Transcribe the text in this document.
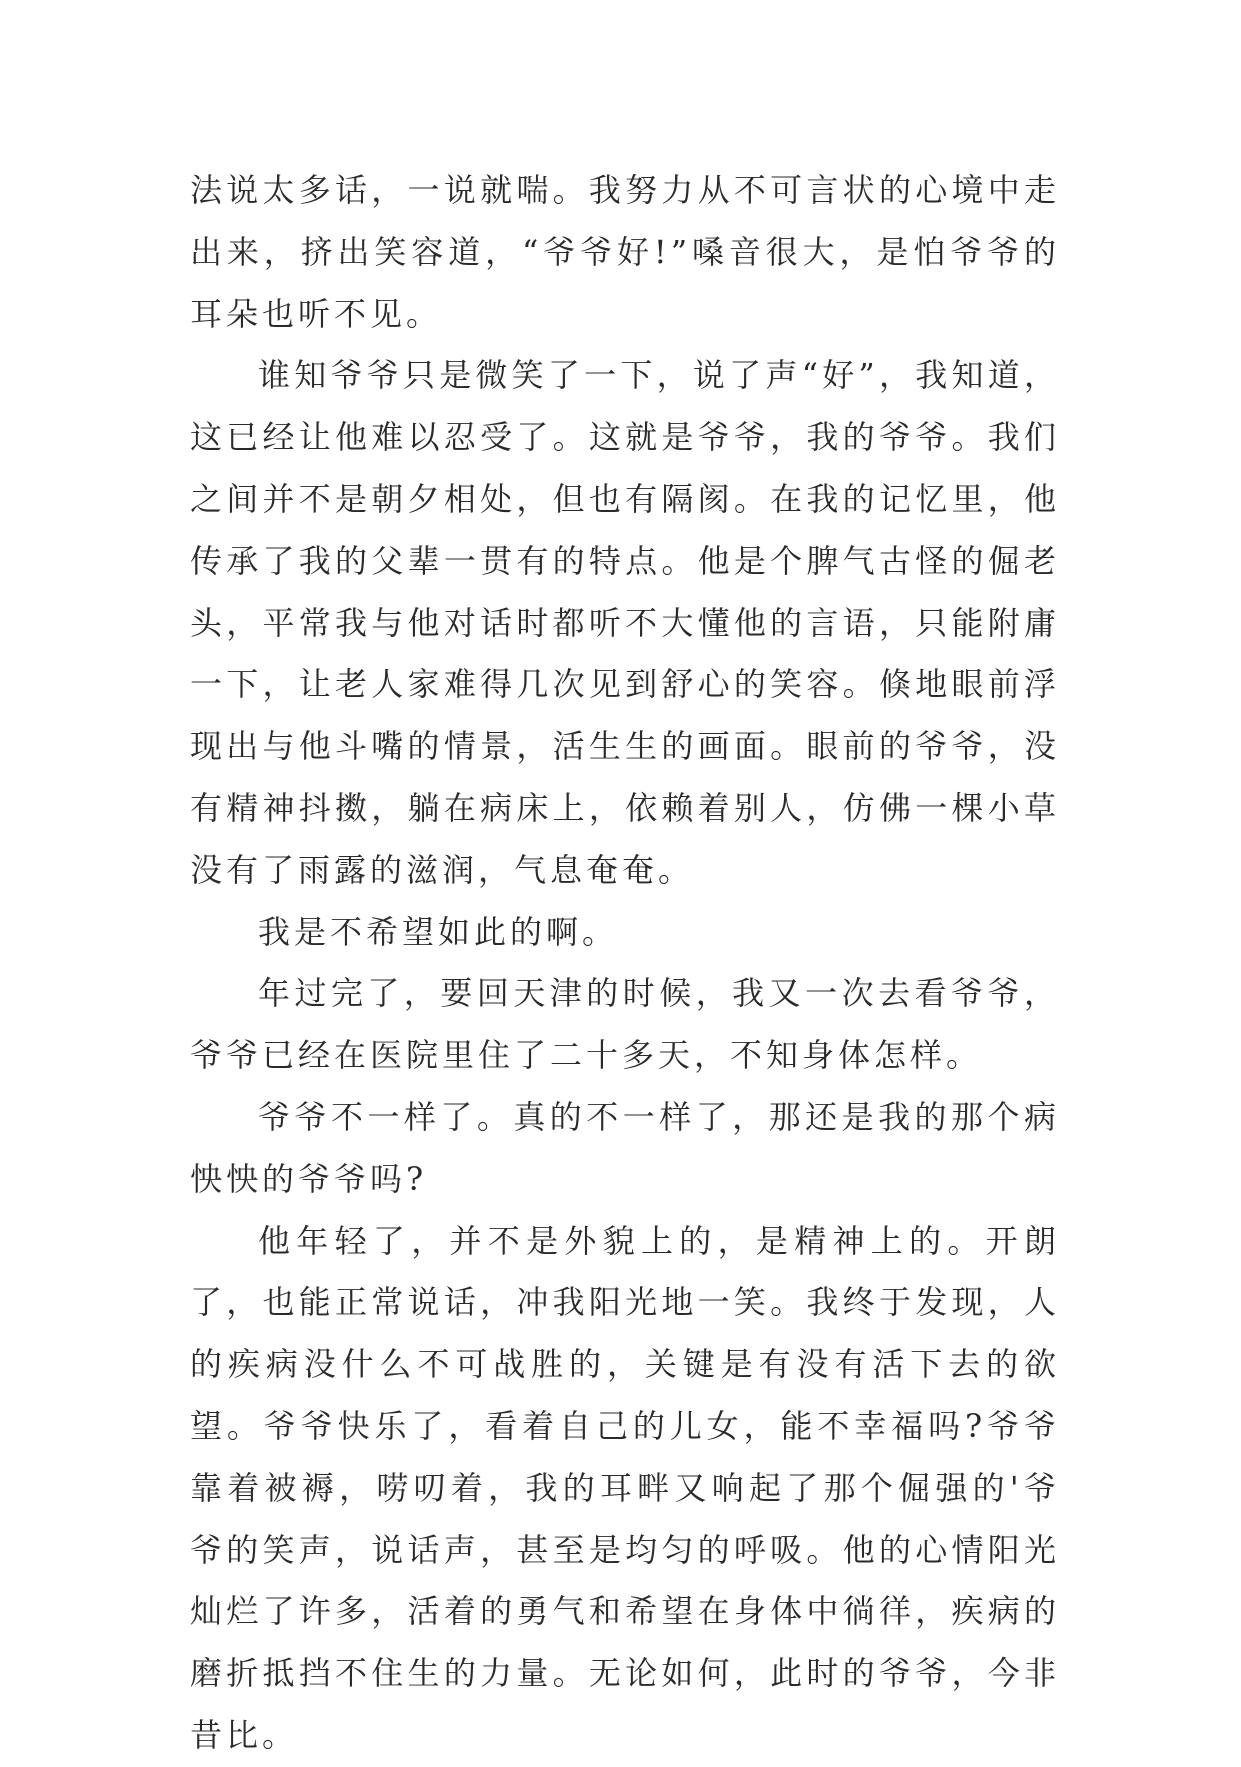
法说太多话，一说就喘。我努力从不可言状的心境中走出来，挤出笑容道，“爷爷好!”嗓音很大，是怕爷爷的耳朵也听不见。

谁知爷爷只是微笑了一下，说了声“好”，我知道，这已经让他难以忍受了。这就是爷爷，我的爷爷。我们之间并不是朝夕相处，但也有隔阂。在我的记忆里，他传承了我的父辈一贯有的特点。他是个脾气古怪的倔老头，平常我与他对话时都听不大懂他的言语，只能附庸一下，让老人家难得几次见到舒心的笑容。倏地眼前浮现出与他斗嘴的情景，活生生的画面。眼前的爷爷，没有精神抖擞，躺在病床上，依赖着别人，仿佛一棵小草没有了雨露的滋润，气息奄奄。

我是不希望如此的啊。

年过完了，要回天津的时候，我又一次去看爷爷，爷爷已经在医院里住了二十多天，不知身体怎样。

爷爷不一样了。真的不一样了，那还是我的那个病怏怏的爷爷吗?

他年轻了，并不是外貌上的，是精神上的。开朗了，也能正常说话，冲我阳光地一笑。我终于发现，人的疾病没什么不可战胜的，关键是有没有活下去的欲望。爷爷快乐了，看着自己的儿女，能不幸福吗?爷爷靠着被褥，唠叨着，我的耳畔又响起了那个倔强的'爷爷的笑声，说话声，甚至是均匀的呼吸。他的心情阳光灿烂了许多，活着的勇气和希望在身体中徜徉，疾病的磨折抵挡不住生的力量。无论如何，此时的爷爷，今非昔比。
